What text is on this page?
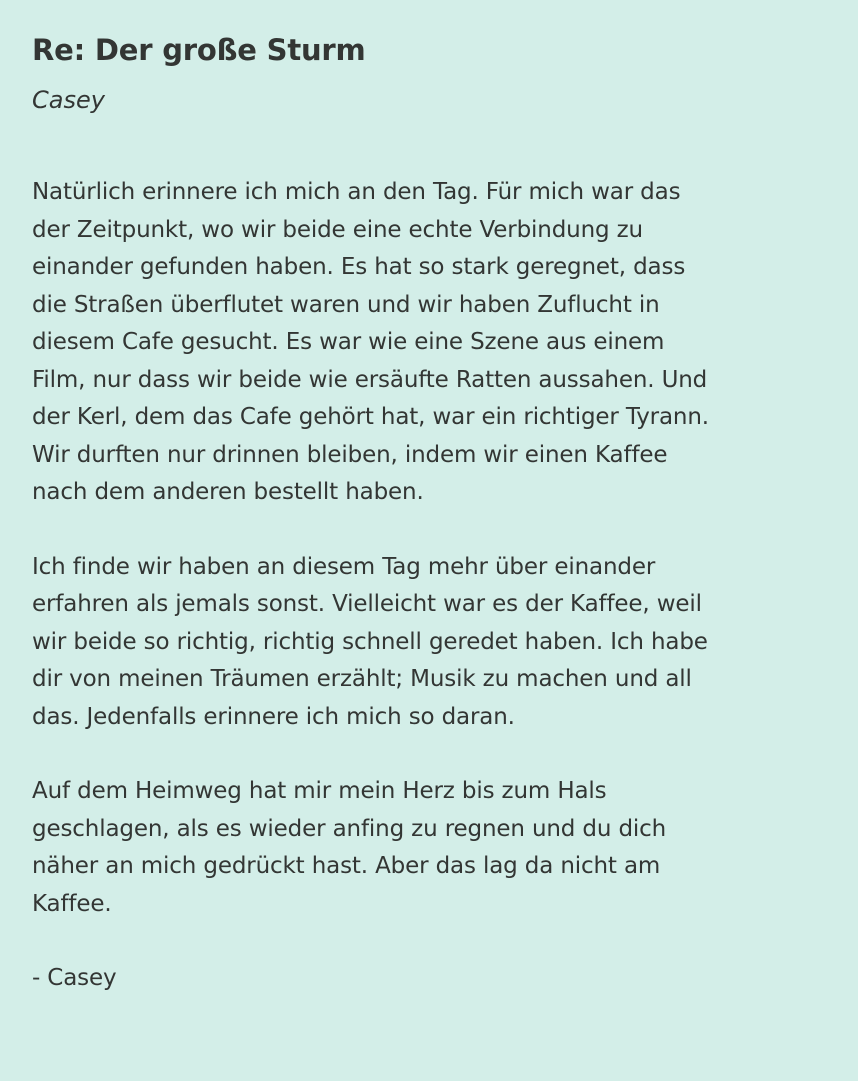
Re: Der große Sturm
Casey

Natürlich erinnere ich mich an den Tag. Für mich war das
der Zeitpunkt, wo wir beide eine echte Verbindung zu
einander gefunden haben. Es hat so stark geregnet, dass
die Straßen überflutet waren und wir haben Zuflucht in
diesem Cafe gesucht. Es war wie eine Szene aus einem
Film, nur dass wir beide wie ersäufte Ratten aussahen. Und
der Kerl, dem das Cafe gehört hat, war ein richtiger Tyrann.
Wir durften nur drinnen bleiben, indem wir einen Kaffee
nach dem anderen bestellt haben.

Ich finde wir haben an diesem Tag mehr über einander
erfahren als jemals sonst. Vielleicht war es der Kaffee, weil
wir beide so richtig, richtig schnell geredet haben. Ich habe
dir von meinen Träumen erzählt; Musik zu machen und all
das. Jedenfalls erinnere ich mich so daran.

Auf dem Heimweg hat mir mein Herz bis zum Hals
geschlagen, als es wieder anfing zu regnen und du dich
näher an mich gedrückt hast. Aber das lag da nicht am
Kaffee.

- Casey
